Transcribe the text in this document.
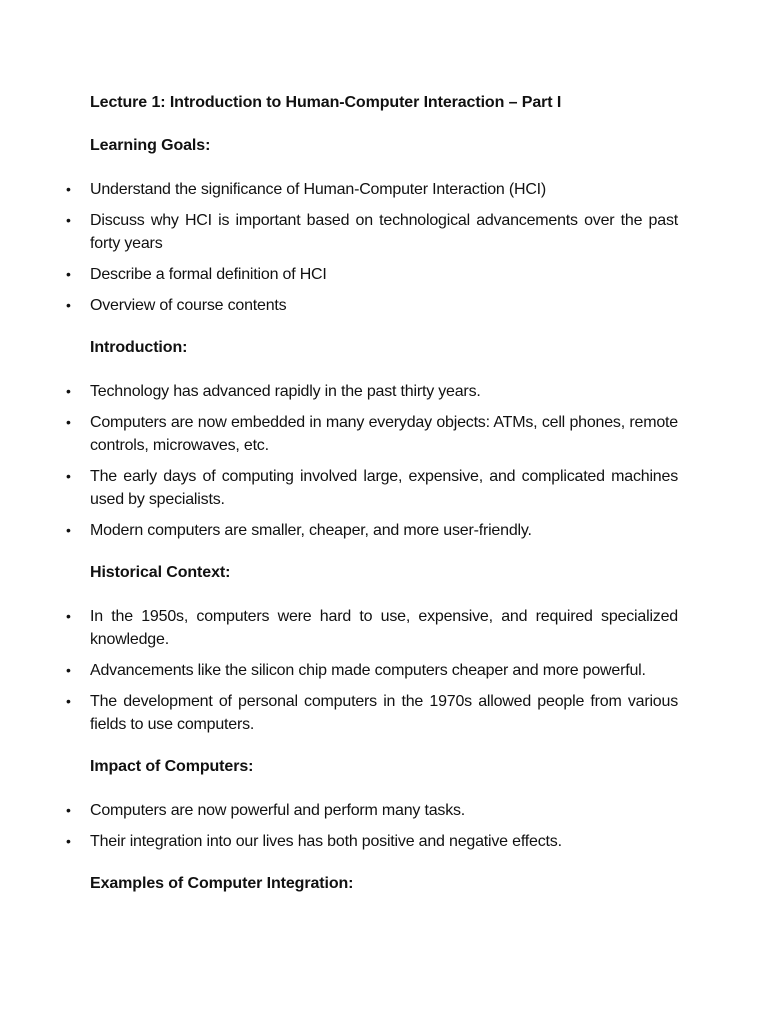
Lecture 1: Introduction to Human-Computer Interaction – Part I
Learning Goals:
• Understand the significance of Human-Computer Interaction (HCI)
• Discuss why HCI is important based on technological advancements over the past forty years
• Describe a formal definition of HCI
• Overview of course contents
Introduction:
• Technology has advanced rapidly in the past thirty years.
• Computers are now embedded in many everyday objects: ATMs, cell phones, remote controls, microwaves, etc.
• The early days of computing involved large, expensive, and complicated machines used by specialists.
• Modern computers are smaller, cheaper, and more user-friendly.
Historical Context:
• In the 1950s, computers were hard to use, expensive, and required specialized knowledge.
• Advancements like the silicon chip made computers cheaper and more powerful.
• The development of personal computers in the 1970s allowed people from various fields to use computers.
Impact of Computers:
• Computers are now powerful and perform many tasks.
• Their integration into our lives has both positive and negative effects.
Examples of Computer Integration:
